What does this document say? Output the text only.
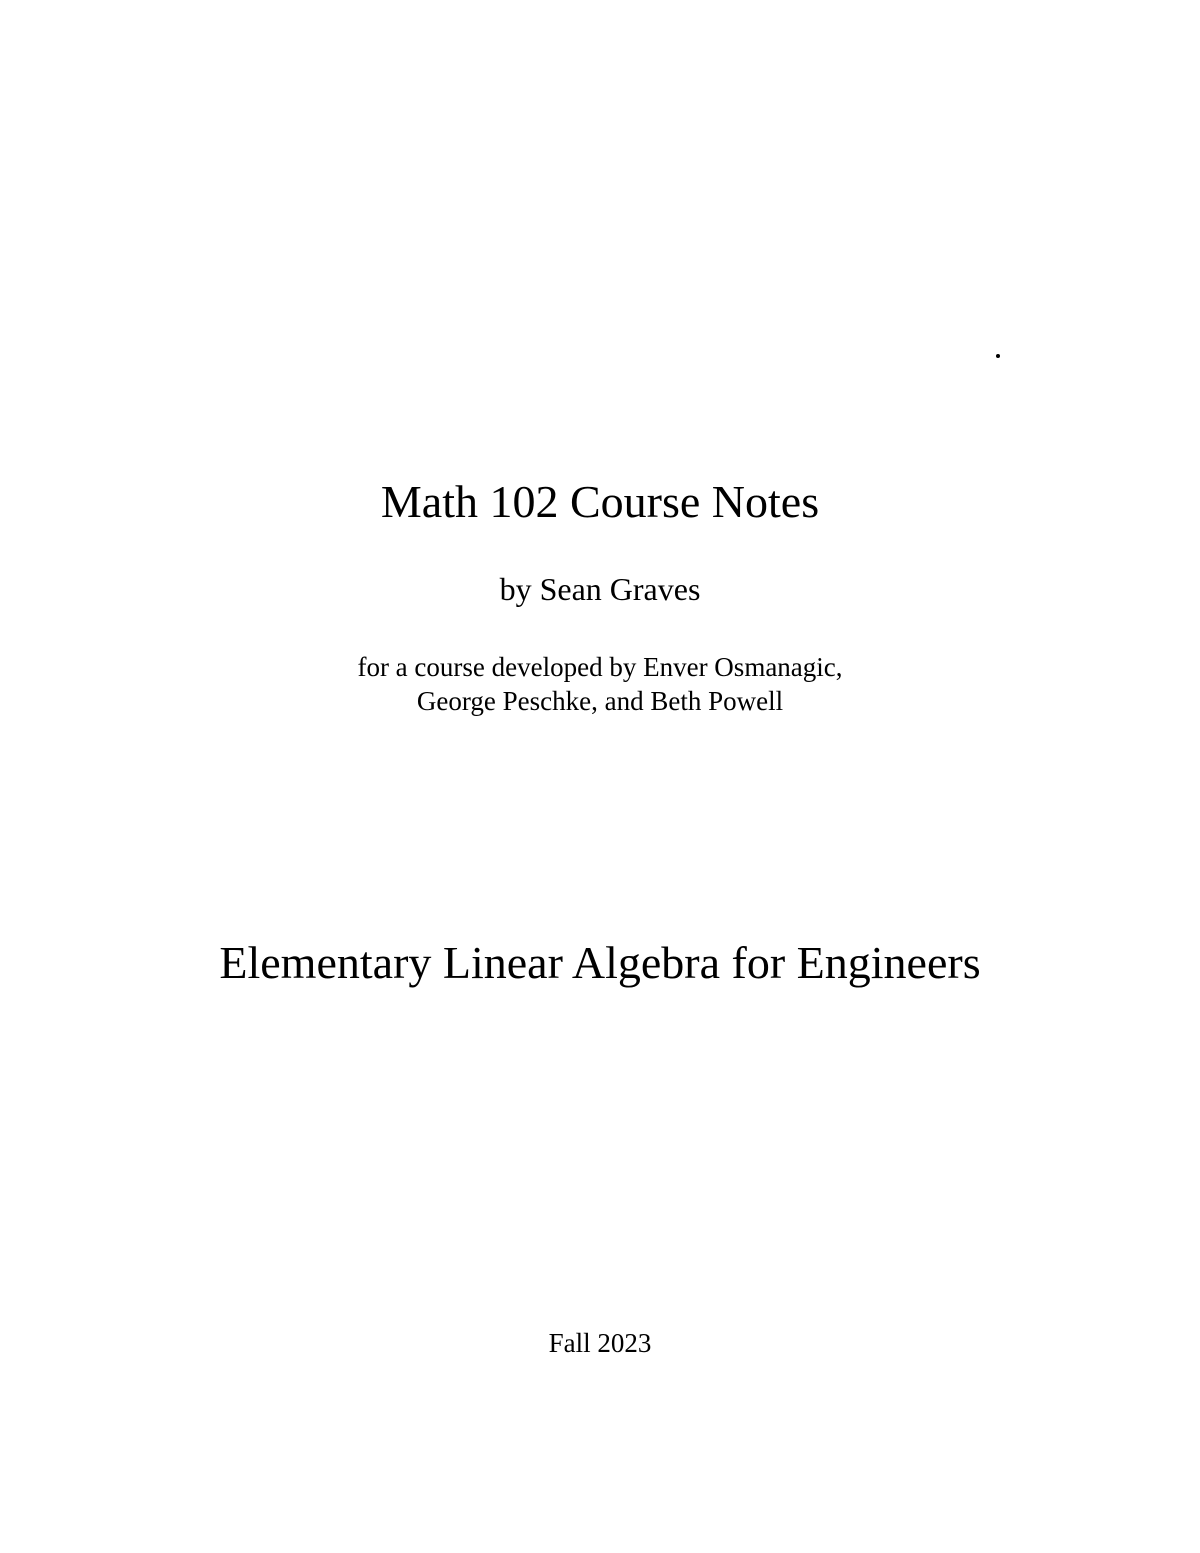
Math 102 Course Notes
by Sean Graves
for a course developed by Enver Osmanagic,
George Peschke, and Beth Powell
Elementary Linear Algebra for Engineers
Fall 2023
